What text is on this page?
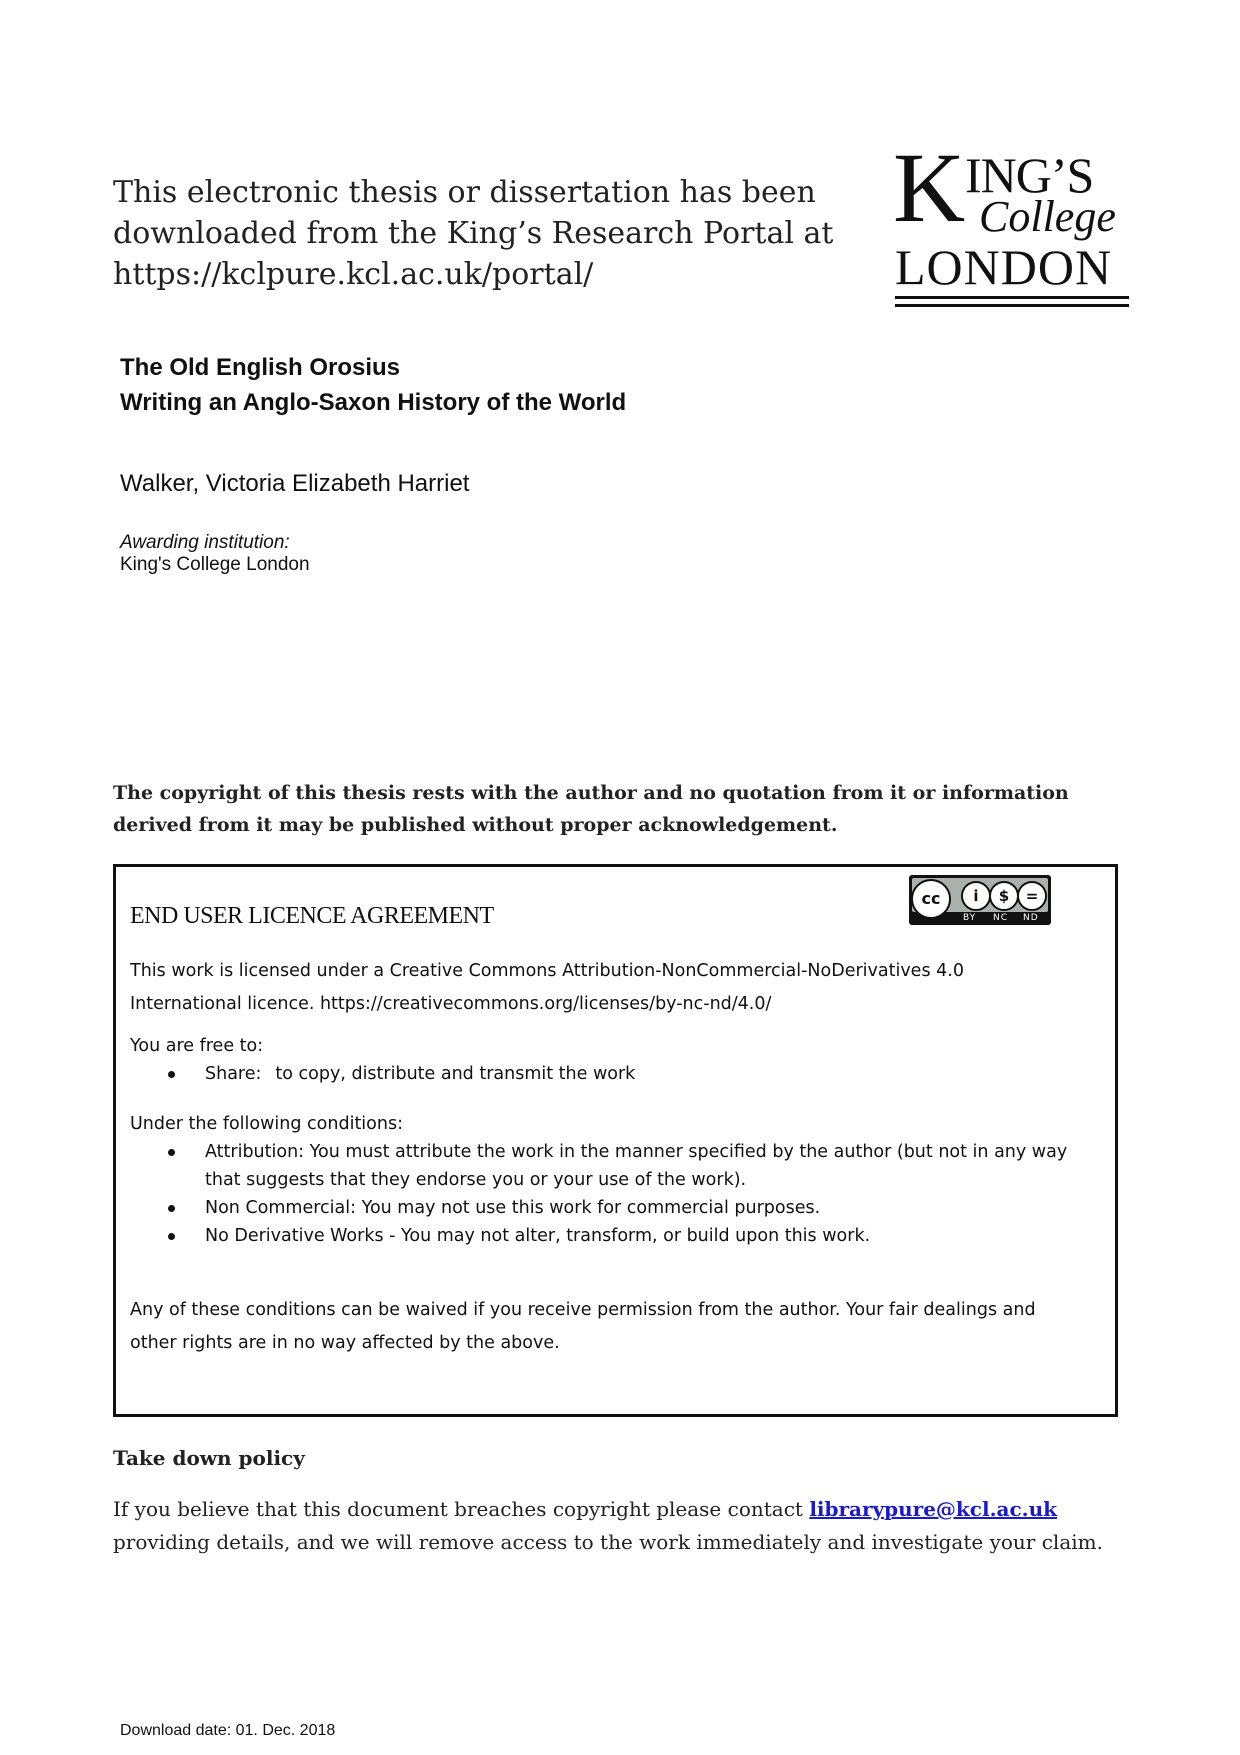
This electronic thesis or dissertation has been
downloaded from the King’s Research Portal at
https://kclpure.kcl.ac.uk/portal/
K ING’S
College
LONDON
The Old English Orosius
Writing an Anglo-Saxon History of the World
Walker, Victoria Elizabeth Harriet
Awarding institution:
King's College London
The copyright of this thesis rests with the author and no quotation from it or information derived from it may be published without proper acknowledgement.
END USER LICENCE AGREEMENT
cc	i	$	=
BY NC ND

This work is licensed under a Creative Commons Attribution-NonCommercial-NoDerivatives 4.0

International licence. https://creativecommons.org/licenses/by-nc-nd/4.0/

You are free to:

Share: to copy, distribute and transmit the work

Under the following conditions:

Attribution: You must attribute the work in the manner specified by the author (but not in any way that suggests that they endorse you or your use of the work).
Non Commercial: You may not use this work for commercial purposes.
No Derivative Works - You may not alter, transform, or build upon this work.

Any of these conditions can be waived if you receive permission from the author. Your fair dealings and

other rights are in no way affected by the above.

Take down policy
If you believe that this document breaches copyright please contact librarypure@kcl.ac.uk providing details, and we will remove access to the work immediately and investigate your claim.
Download date: 01. Dec. 2018
